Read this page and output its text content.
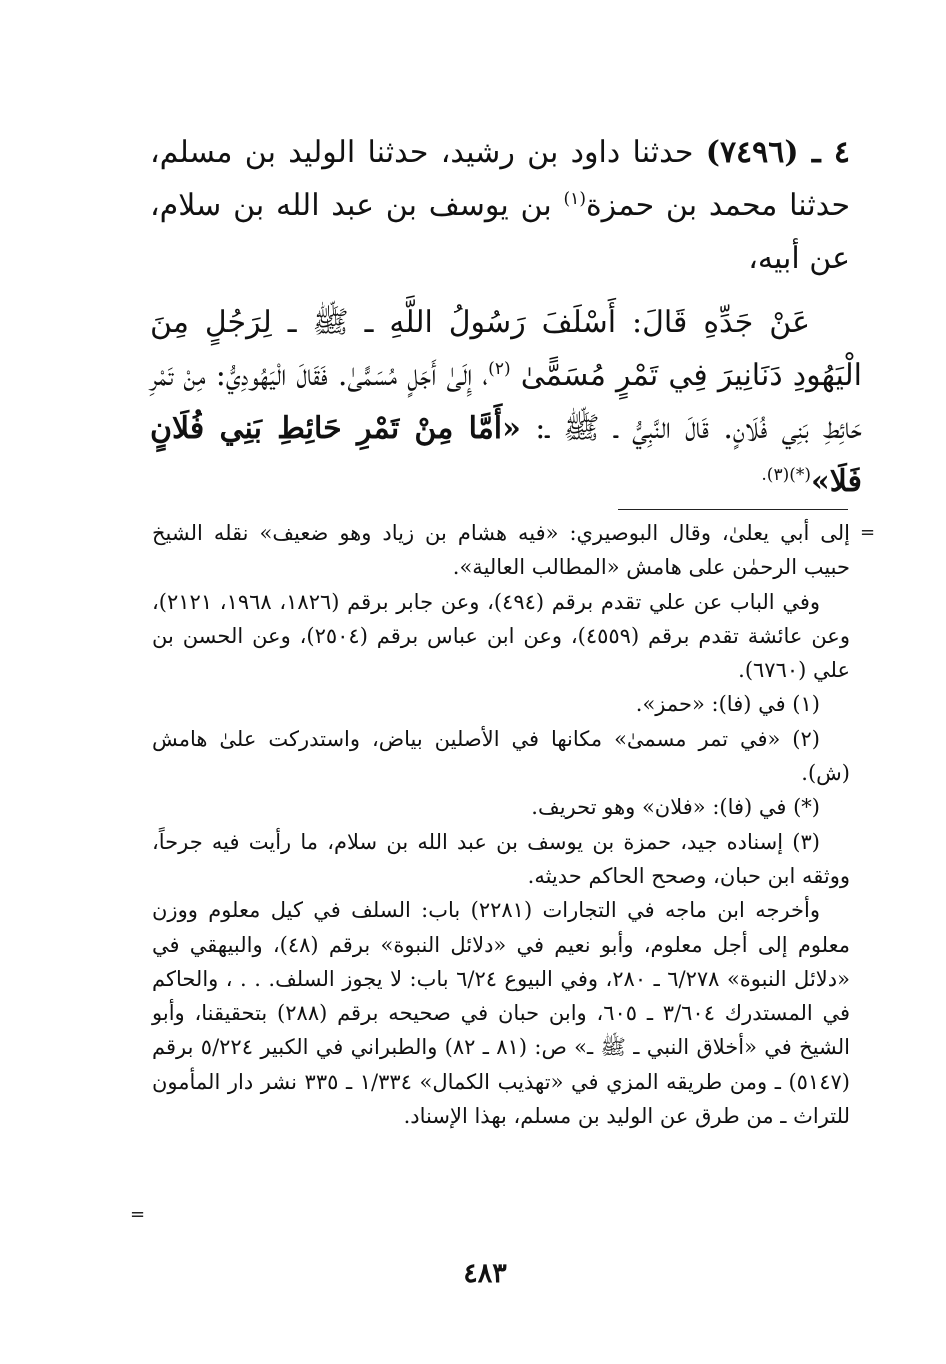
٤ ـ (٧٤٩٦) حدثنا داود بن رشيد، حدثنا الوليد بن مسلم، حدثنا محمد بن حمزة$^{(١)}$ بن يوسف بن عبد الله بن سلام، عن أبيه،

عَنْ جَدِّهِ قَالَ: أَسْلَفَ رَسُولُ اللَّهِ ـ ﷺ ـ لِرَجُلٍ مِنَ الْيَهُودِ دَنَانِيرَ فِي تَمْرٍ مُسَمًّىٰ $^{(٢)}$، إِلَىٰ أَجَلٍ مُسَمًّىٰ. فَقَالَ الْيَهُودِيُّ: مِنْ تَمْرِ حَائِطِ بَنِي فُلَانٍ. قَالَ النَّبِيُّ ـ ﷺ ـ: «أَمَّا مِنْ تَمْرِ حَائِطِ بَنِي فُلَانٍ فَلَا»$^{(*)(٣).}$

=

إلى أبي يعلىٰ، وقال البوصيري: «فيه هشام بن زياد وهو ضعيف» نقله الشيخ حبيب الرحمٰن على هامش «المطالب العالية».

وفي الباب عن علي تقدم برقم (٤٩٤)، وعن جابر برقم (١٨٢٦، ١٩٦٨، ٢١٢١)، وعن عائشة تقدم برقم (٤٥٥٩)، وعن ابن عباس برقم (٢٥٠٤)، وعن الحسن بن علي (٦٧٦٠).

(١) في (فا): «حمز».

(٢) «في تمر مسمىٰ» مكانها في الأصلين بياض، واستدركت علىٰ هامش (ش).

(*) في (فا): «فلان» وهو تحريف.

(٣) إسناده جيد، حمزة بن يوسف بن عبد الله بن سلام، ما رأيت فيه جرحاً، ووثقه ابن حبان، وصحح الحاكم حديثه.

وأخرجه ابن ماجه في التجارات (٢٢٨١) باب: السلف في كيل معلوم ووزن معلوم إلى أجل معلوم، وأبو نعيم في «دلائل النبوة» برقم (٤٨)، والبيهقي في «دلائل النبوة» ٦/٢٧٨ ـ ٢٨٠، وفي البيوع ٦/٢٤ باب: لا يجوز السلف. . . ، والحاكم في المستدرك ٣/٦٠٤ ـ ٦٠٥، وابن حبان في صحيحه برقم (٢٨٨) بتحقيقنا، وأبو الشيخ في «أخلاق النبي ـ ﷺ ـ» ص: (٨١ ـ ٨٢) والطبراني في الكبير ٥/٢٢٤ برقم (٥١٤٧) ـ ومن طريقه المزي في «تهذيب الكمال» ١/٣٣٤ ـ ٣٣٥ نشر دار المأمون للتراث ـ من طرق عن الوليد بن مسلم، بهذا الإسناد.

=
٤٨٣
